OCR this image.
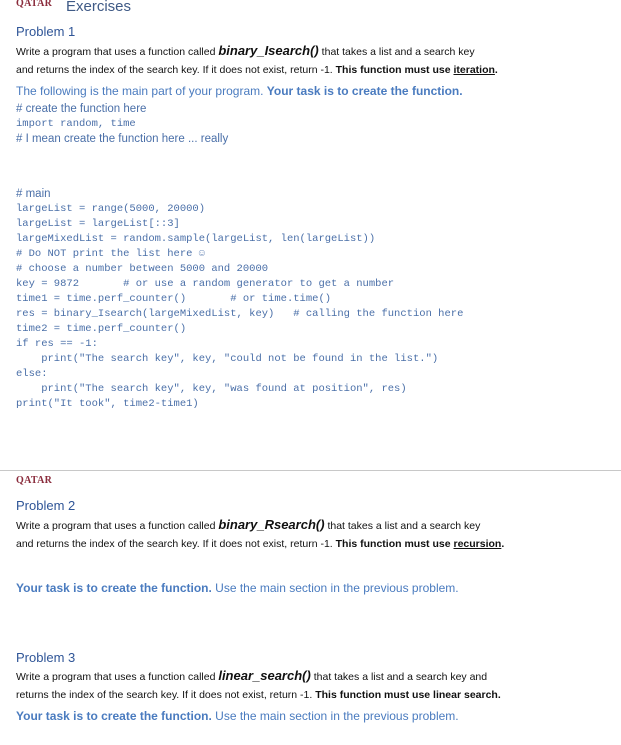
QATAR Exercises
Problem 1
Write a program that uses a function called binary_Isearch() that takes a list and a search key
and returns the index of the search key. If it does not exist, return -1. This function must use iteration.
The following is the main part of your program. Your task is to create the function.
# create the function here
import random, time
# I mean create the function here ... really
# main
largeList = range(5000, 20000)
largeList = largeList[::3]
largeMixedList = random.sample(largeList, len(largeList))
# Do NOT print the list here ☺
# choose a number between 5000 and 20000
key = 9872       # or use a random generator to get a number
time1 = time.perf_counter()       # or time.time()
res = binary_Isearch(largeMixedList, key)   # calling the function here
time2 = time.perf_counter()
if res == -1:
print("The search key", key, "could not be found in the list.")
else:
print("The search key", key, "was found at position", res)
print("It took", time2-time1)
QATAR
Problem 2
Write a program that uses a function called binary_Rsearch() that takes a list and a search key
and returns the index of the search key. If it does not exist, return -1. This function must use recursion.
Your task is to create the function. Use the main section in the previous problem.
Problem 3
Write a program that uses a function called linear_search() that takes a list and a search key and
returns the index of the search key. If it does not exist, return -1. This function must use linear search.
Your task is to create the function. Use the main section in the previous problem.
